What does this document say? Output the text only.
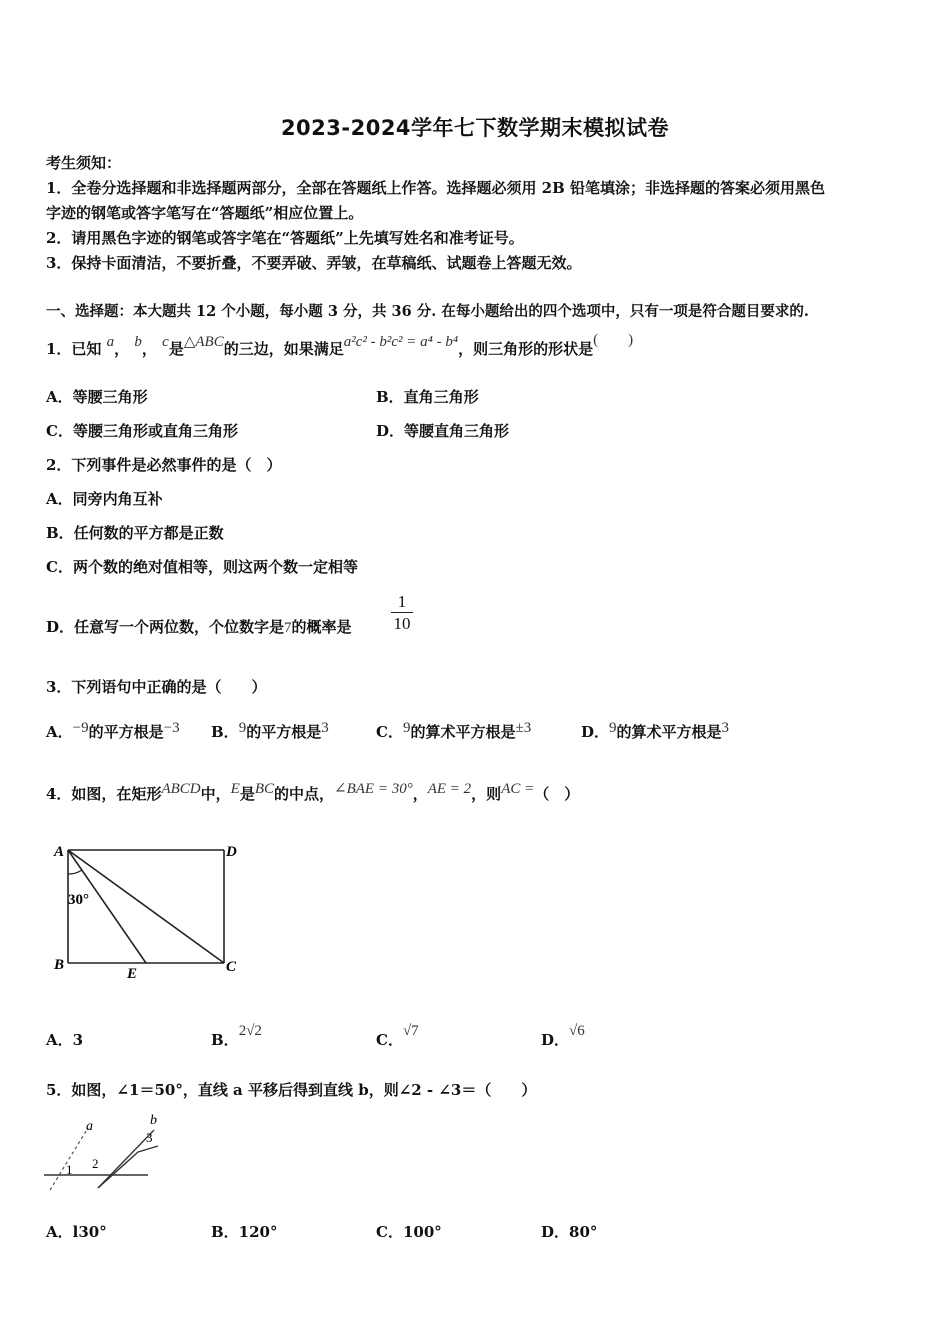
2023-2024学年七下数学期末模拟试卷
考生须知：
1．全卷分选择题和非选择题两部分，全部在答题纸上作答。选择题必须用 2B 铅笔填涂；非选择题的答案必须用黑色
字迹的钢笔或答字笔写在“答题纸”相应位置上。
2．请用黑色字迹的钢笔或答字笔在“答题纸”上先填写姓名和准考证号。
3．保持卡面清洁，不要折叠，不要弄破、弄皱，在草稿纸、试题卷上答题无效。
一、选择题：本大题共 12 个小题，每小题 3 分，共 36 分. 在每小题给出的四个选项中，只有一项是符合题目要求的.
1．已知 a， b， c是△ABC的三边，如果满足a²c² - b²c² = a⁴ - b⁴，则三角形的形状是(　　)
A．等腰三角形	B．直角三角形
C．等腰三角形或直角三角形	D．等腰直角三角形
2．下列事件是必然事件的是（　）
A．同旁内角互补
B．任何数的平方都是正数
C．两个数的绝对值相等，则这两个数一定相等
D．任意写一个两位数，个位数字是7的概率是
1
10
3．下列语句中正确的是（　　）
A．−9的平方根是−3 B．9的平方根是3	C．9的算术平方根是±3	D．9的算术平方根是3
4．如图，在矩形ABCD中，E是BC的中点，∠BAE = 30°，AE = 2，则AC =（　）
A	D
B	C
E
30°
A．3	B．2√2	C．√7	D．√6
5．如图，∠1＝50°，直线 a 平移后得到直线 b，则∠2 - ∠3＝（　　）
a	b
1 2
3
A．l30°	B．120°	C．100°	D．80°
